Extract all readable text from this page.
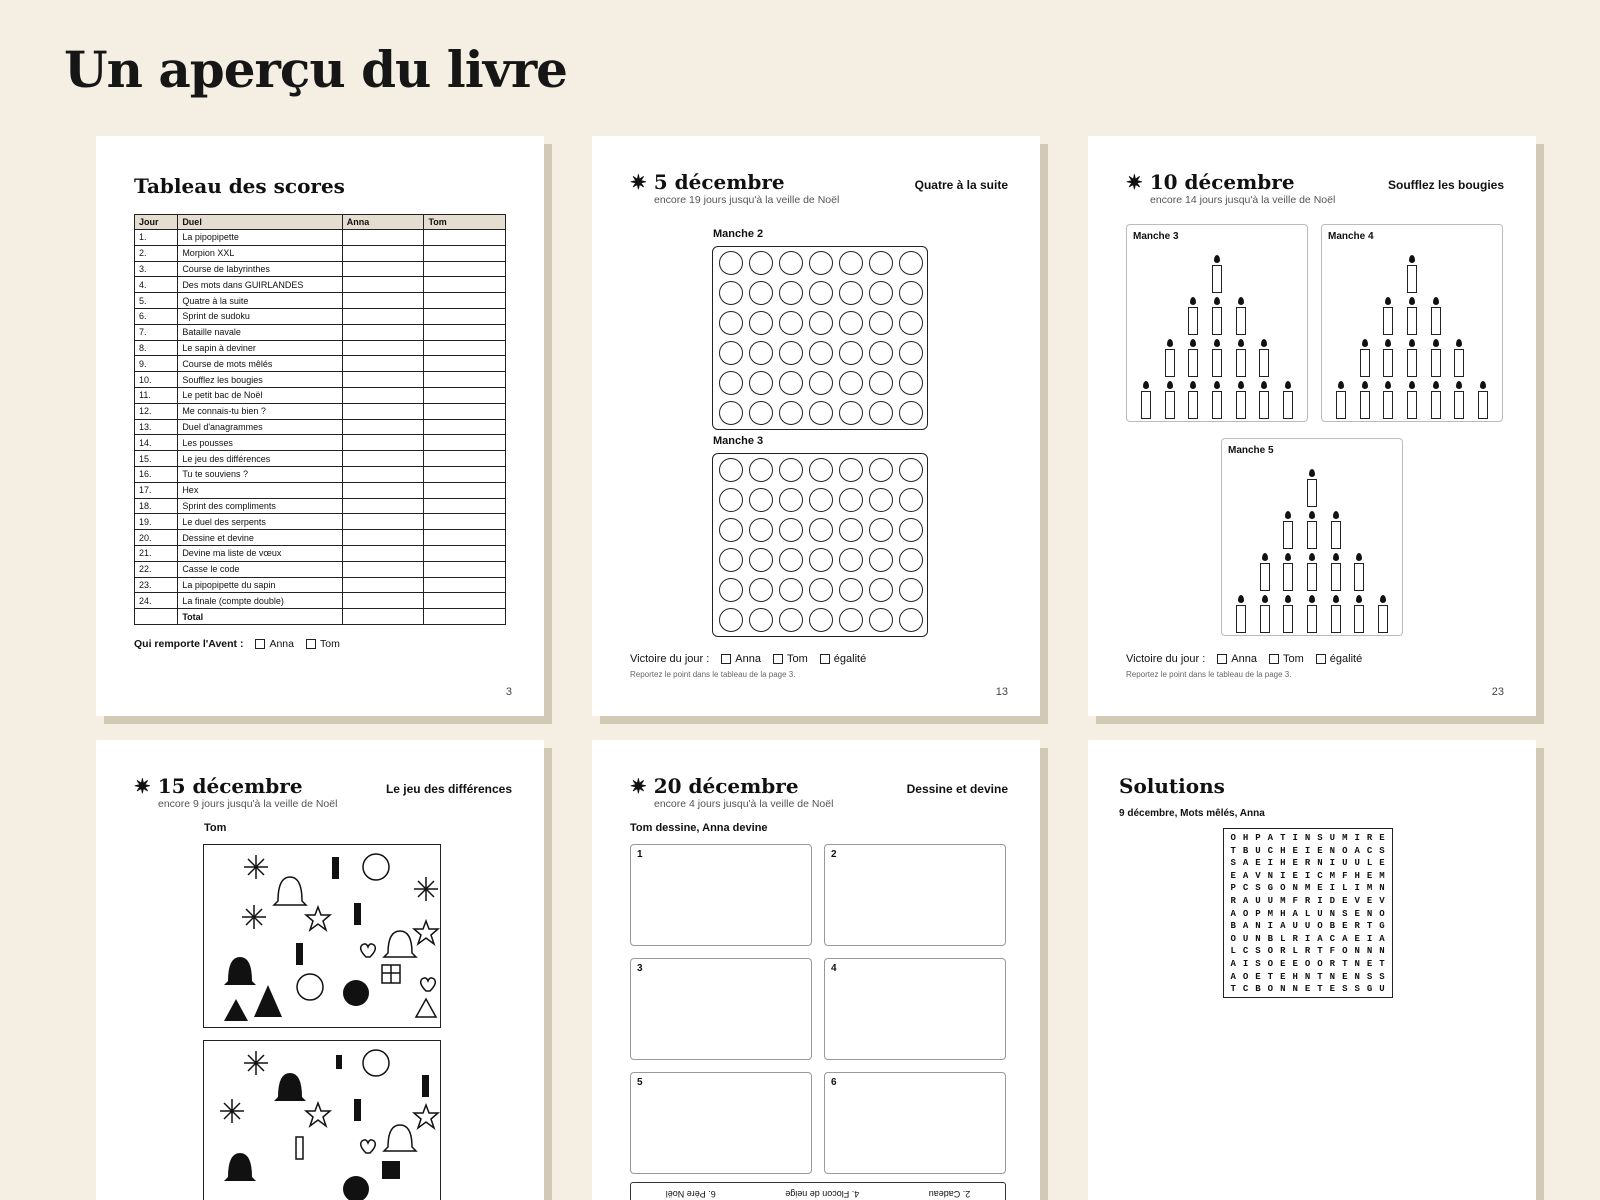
Un aperçu du livre
Tableau des scores
Jour	Duel	Anna	Tom
1.	La pipopipette		
2.	Morpion XXL		
3.	Course de labyrinthes		
4.	Des mots dans GUIRLANDES		
5.	Quatre à la suite		
6.	Sprint de sudoku		
7.	Bataille navale		
8.	Le sapin à deviner		
9.	Course de mots mêlés		
10.	Soufflez les bougies		
11.	Le petit bac de Noël		
12.	Me connais-tu bien ?		
13.	Duel d'anagrammes		
14.	Les pousses		
15.	Le jeu des différences		
16.	Tu te souviens ?		
17.	Hex		
18.	Sprint des compliments		
19.	Le duel des serpents		
20.	Dessine et devine		
21.	Devine ma liste de vœux		
22.	Casse le code		
23.	La pipopipette du sapin		
24.	La finale (compte double)		
	Total		
Qui remporte l'Avent : Anna Tom
3
✷ 5 décembre
encore 19 jours jusqu'à la veille de Noël
Quatre à la suite
Manche 2
Manche 3
Victoire du jour : Anna Tom égalité
Reportez le point dans le tableau de la page 3.
13
✷ 10 décembre
encore 14 jours jusqu'à la veille de Noël
Soufflez les bougies
Manche 3	Manche 4
Manche 5
Victoire du jour : Anna Tom égalité
Reportez le point dans le tableau de la page 3.
23
✷ 15 décembre
encore 9 jours jusqu'à la veille de Noël
Le jeu des différences
Tom
✷ 20 décembre
encore 4 jours jusqu'à la veille de Noël
Dessine et devine
Tom dessine, Anna devine
1	2
3	4
5	6
2. Cadeau
4. Flocon de neige
6. Père Noël
Solutions
9 décembre, Mots mêlés, Anna
O H P A T I N S U M I R E
T B U C H E I E N O A C S
S A E I H E R N I U U L E
E A V N I E I C M F H E M
P C S G O N M E I L I M N
R A U U M F R I D E V E V
A O P M H A L U N S E N O
B A N I A U U O B E R T G
O U N B L R I A C A E I A
L C S O R L R T F O N N N
A I S O E E O O R T N E T
A O E T E H N T N E N S S
T C B O N N E T E S S G U
